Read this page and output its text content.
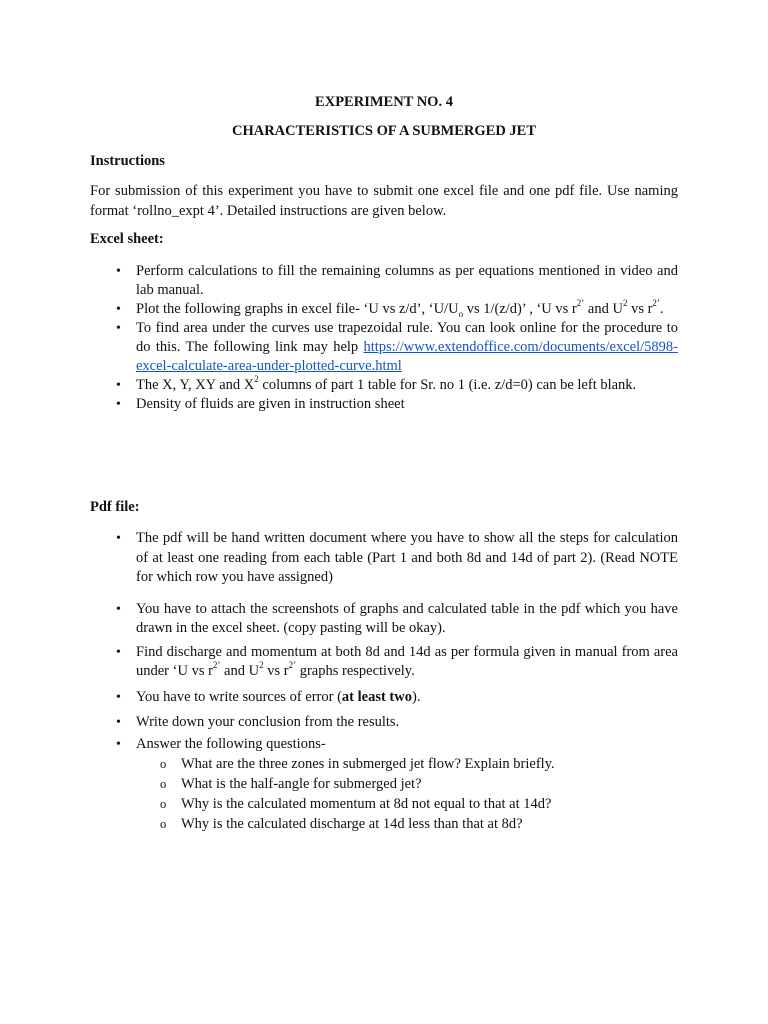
EXPERIMENT NO. 4
CHARACTERISTICS OF A SUBMERGED JET
Instructions
For submission of this experiment you have to submit one excel file and one pdf file. Use naming format ‘rollno_expt 4’. Detailed instructions are given below.
Excel sheet:
• Perform calculations to fill the remaining columns as per equations mentioned in video and lab manual.
• Plot the following graphs in excel file- ‘U vs z/d’, ‘$U/U_o$ vs 1/(z/d)’ , ‘U vs $r^{2’}$ and $U^2$ vs $r^{2’}$.
• To find area under the curves use trapezoidal rule. You can look online for the procedure to do this. The following link may help https://www.extendoffice.com/documents/excel/5898-excel-calculate-area-under-plotted-curve.html
• The X, Y, XY and $X^2$ columns of part 1 table for Sr. no 1 (i.e. z/d=0) can be left blank.
• Density of fluids are given in instruction sheet
Pdf file:
• The pdf will be hand written document where you have to show all the steps for calculation of at least one reading from each table (Part 1 and both 8d and 14d of part 2). (Read NOTE for which row you have assigned)
• You have to attach the screenshots of graphs and calculated table in the pdf which you have drawn in the excel sheet. (copy pasting will be okay).
• Find discharge and momentum at both 8d and 14d as per formula given in manual from area under ‘U vs $r^{2’}$ and $U^2$ vs $r^{2’}$ graphs respectively.
• You have to write sources of error (at least two).
• Write down your conclusion from the results.
• Answer the following questions-
o What are the three zones in submerged jet flow? Explain briefly.
o What is the half-angle for submerged jet?
o Why is the calculated momentum at 8d not equal to that at 14d?
o Why is the calculated discharge at 14d less than that at 8d?
